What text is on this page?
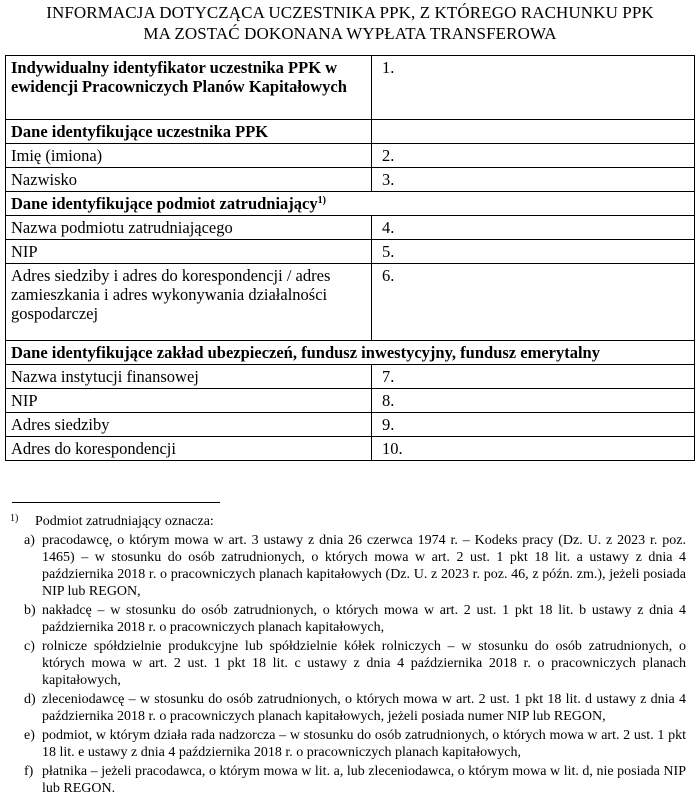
INFORMACJA DOTYCZĄCA UCZESTNIKA PPK, Z KTÓREGO RACHUNKU PPK
MA ZOSTAĆ DOKONANA WYPŁATA TRANSFEROWA
Indywidualny identyfikator uczestnika PPK w ewidencji Pracowniczych Planów Kapitałowych	1.
Dane identyfikujące uczestnika PPK	
Imię (imiona)	2.
Nazwisko	3.
Dane identyfikujące podmiot zatrudniający$^{1)}$
Nazwa podmiotu zatrudniającego	4.
NIP	5.
Adres siedziby i adres do korespondencji / adres zamieszkania i adres wykonywania działalności gospodarczej	6.
Dane identyfikujące zakład ubezpieczeń, fundusz inwestycyjny, fundusz emerytalny	
Nazwa instytucji finansowej	7.
NIP	8.
Adres siedziby	9.
Adres do korespondencji	10.
1) Podmiot zatrudniający oznacza:
a) pracodawcę, o którym mowa w art. 3 ustawy z dnia 26 czerwca 1974 r. – Kodeks pracy (Dz. U. z 2023 r. poz. 1465) – w stosunku do osób zatrudnionych, o których mowa w art. 2 ust. 1 pkt 18 lit. a ustawy z dnia 4 października 2018 r. o pracowniczych planach kapitałowych (Dz. U. z 2023 r. poz. 46, z późn. zm.), jeżeli posiada NIP lub REGON,
b) nakładcę – w stosunku do osób zatrudnionych, o których mowa w art. 2 ust. 1 pkt 18 lit. b ustawy z dnia 4 października 2018 r. o pracowniczych planach kapitałowych,
c) rolnicze spółdzielnie produkcyjne lub spółdzielnie kółek rolniczych – w stosunku do osób zatrudnionych, o których mowa w art. 2 ust. 1 pkt 18 lit. c ustawy z dnia 4 października 2018 r. o pracowniczych planach kapitałowych,
d) zleceniodawcę – w stosunku do osób zatrudnionych, o których mowa w art. 2 ust. 1 pkt 18 lit. d ustawy z dnia 4 października 2018 r. o pracowniczych planach kapitałowych, jeżeli posiada numer NIP lub REGON,
e) podmiot, w którym działa rada nadzorcza – w stosunku do osób zatrudnionych, o których mowa w art. 2 ust. 1 pkt 18 lit. e ustawy z dnia 4 października 2018 r. o pracowniczych planach kapitałowych,
f) płatnika – jeżeli pracodawca, o którym mowa w lit. a, lub zleceniodawca, o którym mowa w lit. d, nie posiada NIP lub REGON.
